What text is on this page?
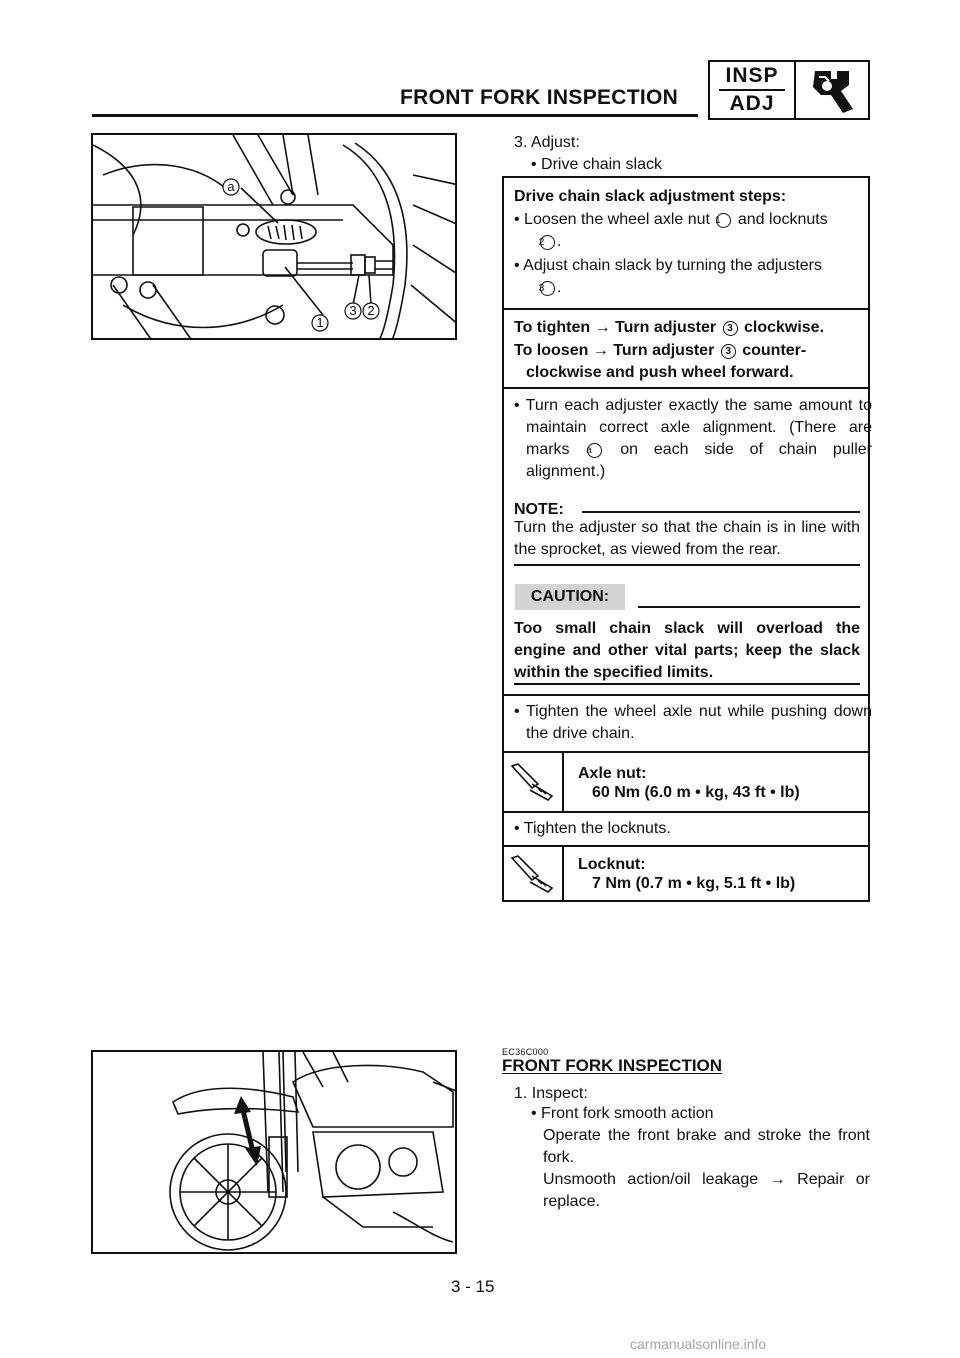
FRONT FORK INSPECTION
INSP
ADJ
a
1
3 2
3. Adjust:
• Drive chain slack
Drive chain slack adjustment steps:
• Loosen the wheel axle nut 1 and locknuts
2 .
• Adjust chain slack by turning the adjusters
3 .
To tighten → Turn adjuster 3 clockwise.
To loosen → Turn adjuster 3 counter-
clockwise and push wheel forward.
• Turn each adjuster exactly the same amount to maintain correct axle alignment. (There are marks a on each side of chain puller alignment.)
NOTE:
Turn the adjuster so that the chain is in line with the sprocket, as viewed from the rear.
CAUTION:
Too small chain slack will overload the engine and other vital parts; keep the slack within the specified limits.
• Tighten the wheel axle nut while pushing down the drive chain.
Axle nut:
60 Nm (6.0 m • kg, 43 ft • lb)
• Tighten the locknuts.
Locknut:
7 Nm (0.7 m • kg, 5.1 ft • lb)
EC36C000
FRONT FORK INSPECTION
1. Inspect:
• Front fork smooth action
Operate the front brake and stroke the front fork.
Unsmooth action/oil leakage → Repair or replace.
3 - 15
carmanualsonline.info
